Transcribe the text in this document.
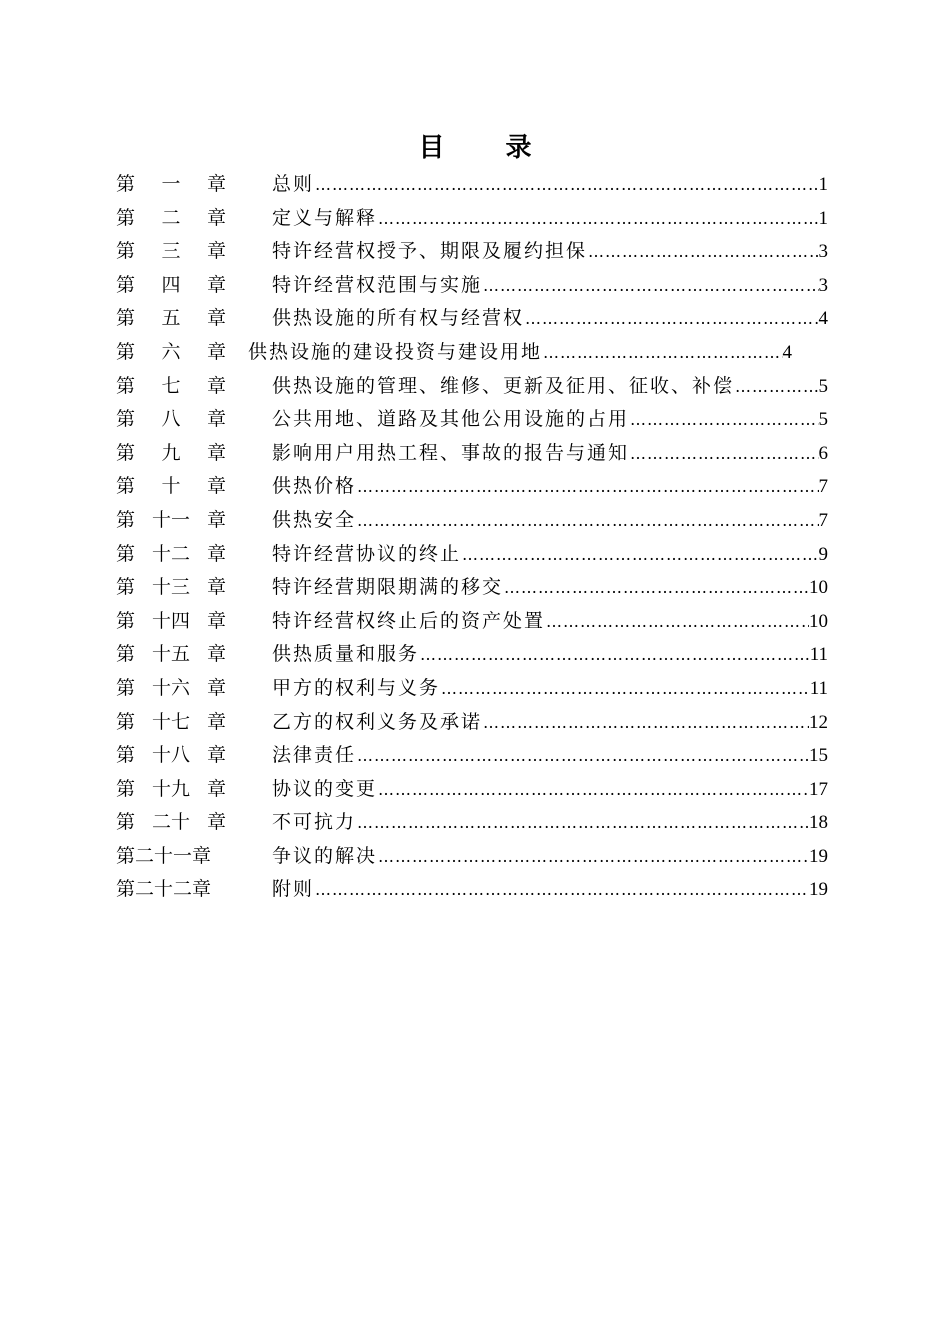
目 录
第 一 章 总则 ……………………………………………………………………………………………………………………	1
第 二 章 定义与解释 ……………………………………………………………………………………………………………………	1
第 三 章 特许经营权授予、期限及履约担保 ……………………………………………………………………………………………………………………	3
第 四 章 特许经营权范围与实施 ……………………………………………………………………………………………………………………	3
第 五 章 供热设施的所有权与经营权 ……………………………………………………………………………………………………………………	4
第 六 章 供热设施的建设投资与建设用地 ……………………………………………………………………………………………………………………	4
第 七 章 供热设施的管理、维修、更新及征用、征收、补偿 ……………………………………………………………………………………………………………………	5
第 八 章 公共用地、道路及其他公用设施的占用 ……………………………………………………………………………………………………………………	5
第 九 章 影响用户用热工程、事故的报告与通知 ……………………………………………………………………………………………………………………	6
第 十 章 供热价格 ……………………………………………………………………………………………………………………	7
第 十一 章 供热安全 ……………………………………………………………………………………………………………………	7
第 十二 章 特许经营协议的终止 ……………………………………………………………………………………………………………………	9
第 十三 章 特许经营期限期满的移交 ……………………………………………………………………………………………………………………	10
第 十四 章 特许经营权终止后的资产处置 ……………………………………………………………………………………………………………………	10
第 十五 章 供热质量和服务 ……………………………………………………………………………………………………………………	11
第 十六 章 甲方的权利与义务 ……………………………………………………………………………………………………………………	11
第 十七 章 乙方的权利义务及承诺 ……………………………………………………………………………………………………………………	12
第 十八 章 法律责任 ……………………………………………………………………………………………………………………	15
第 十九 章 协议的变更 ……………………………………………………………………………………………………………………	17
第 二十 章 不可抗力 ……………………………………………………………………………………………………………………	18
第二十一章	争议的解决 ……………………………………………………………………………………………………………………	19
第二十二章	附则 ……………………………………………………………………………………………………………………	19
